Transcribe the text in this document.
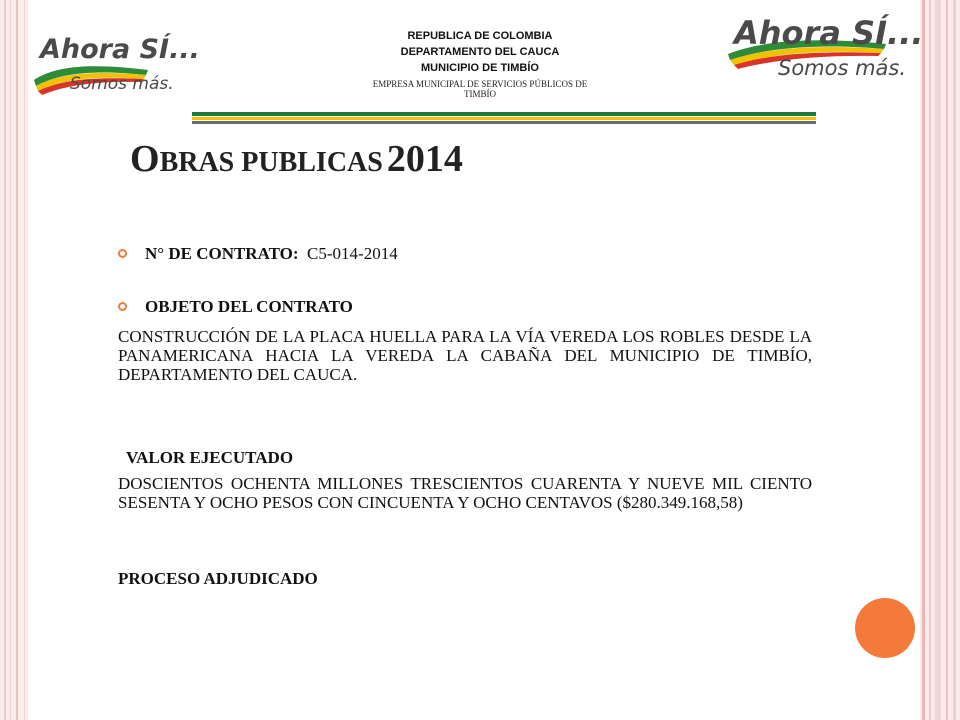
Ahora SÍ...
Somos más.
Ahora SÍ...
Somos más.
REPUBLICA DE COLOMBIA
DEPARTAMENTO DEL CAUCA
MUNICIPIO DE TIMBÍO
EMPRESA MUNICIPAL DE SERVICIOS PÚBLICOS DE TIMBÍO
OBRAS PUBLICAS 2014
N° DE CONTRATO: C5-014-2014
OBJETO DEL CONTRATO
CONSTRUCCIÓN DE LA PLACA HUELLA PARA LA VÍA VEREDA LOS ROBLES DESDE LA PANAMERICANA HACIA LA VEREDA LA CABAÑA DEL MUNICIPIO DE TIMBÍO, DEPARTAMENTO DEL CAUCA.
VALOR EJECUTADO
DOSCIENTOS OCHENTA MILLONES TRESCIENTOS CUARENTA Y NUEVE MIL CIENTO SESENTA Y OCHO PESOS CON CINCUENTA Y OCHO CENTAVOS ($280.349.168,58)
PROCESO ADJUDICADO
